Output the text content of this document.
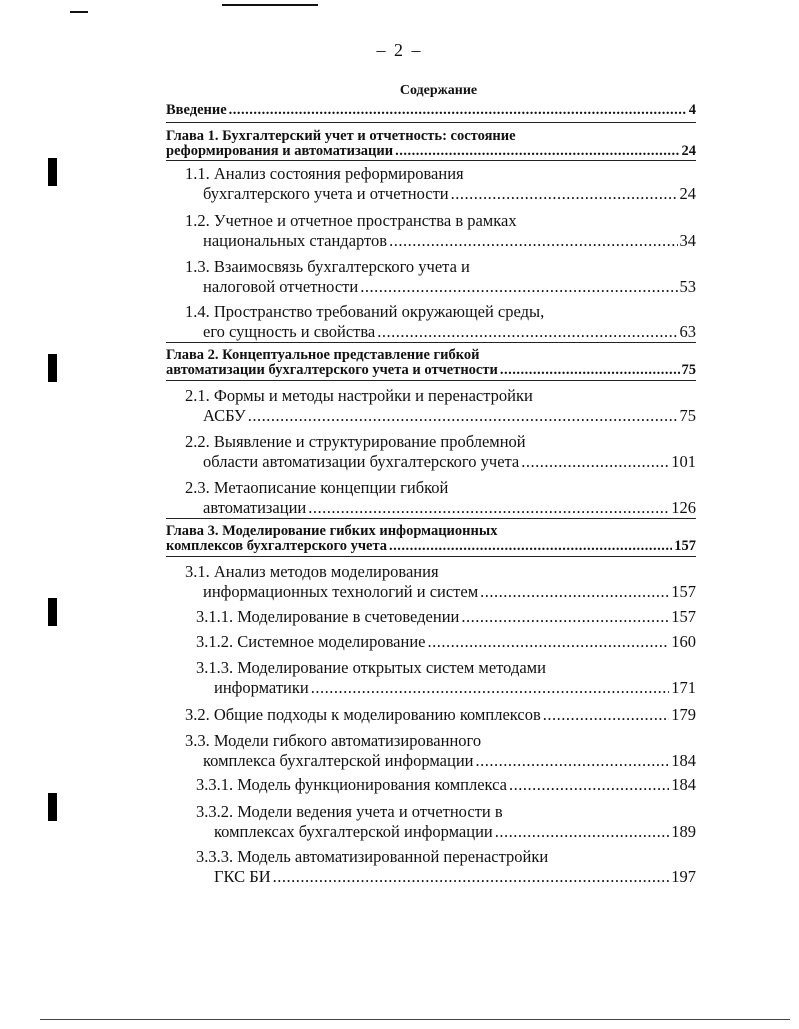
– 2 –
Содержание
Введение .....	4
Глава 1. Бухгалтерский учет и отчетность: состояние
реформирования и автоматизации .....	24
1.1. Анализ состояния реформирования
бухгалтерского учета и отчетности .....	24
1.2. Учетное и отчетное пространства в рамках
национальных стандартов .....	34
1.3. Взаимосвязь бухгалтерского учета и
налоговой отчетности .....	53
1.4. Пространство требований окружающей среды,
его сущность и свойства .....	63
Глава 2. Концептуальное представление гибкой
автоматизации бухгалтерского учета и отчетности .....	75
2.1. Формы и методы настройки и перенастройки
АСБУ .....	75
2.2. Выявление и структурирование проблемной
области автоматизации бухгалтерского учета .....	101
2.3. Метаописание концепции гибкой
автоматизации .....	126
Глава 3. Моделирование гибких информационных
комплексов бухгалтерского учета .....	157
3.1. Анализ методов моделирования
информационных технологий и систем .....	157
3.1.1. Моделирование в счетоведении .....	157
3.1.2. Системное моделирование .....	160
3.1.3. Моделирование открытых систем методами
информатики .....	171
3.2. Общие подходы к моделированию комплексов .....	179
3.3. Модели гибкого автоматизированного
комплекса бухгалтерской информации .....	184
3.3.1. Модель функционирования комплекса .....	184
3.3.2. Модели ведения учета и отчетности в
комплексах бухгалтерской информации .....	189
3.3.3. Модель автоматизированной перенастройки
ГКС БИ .....	197
